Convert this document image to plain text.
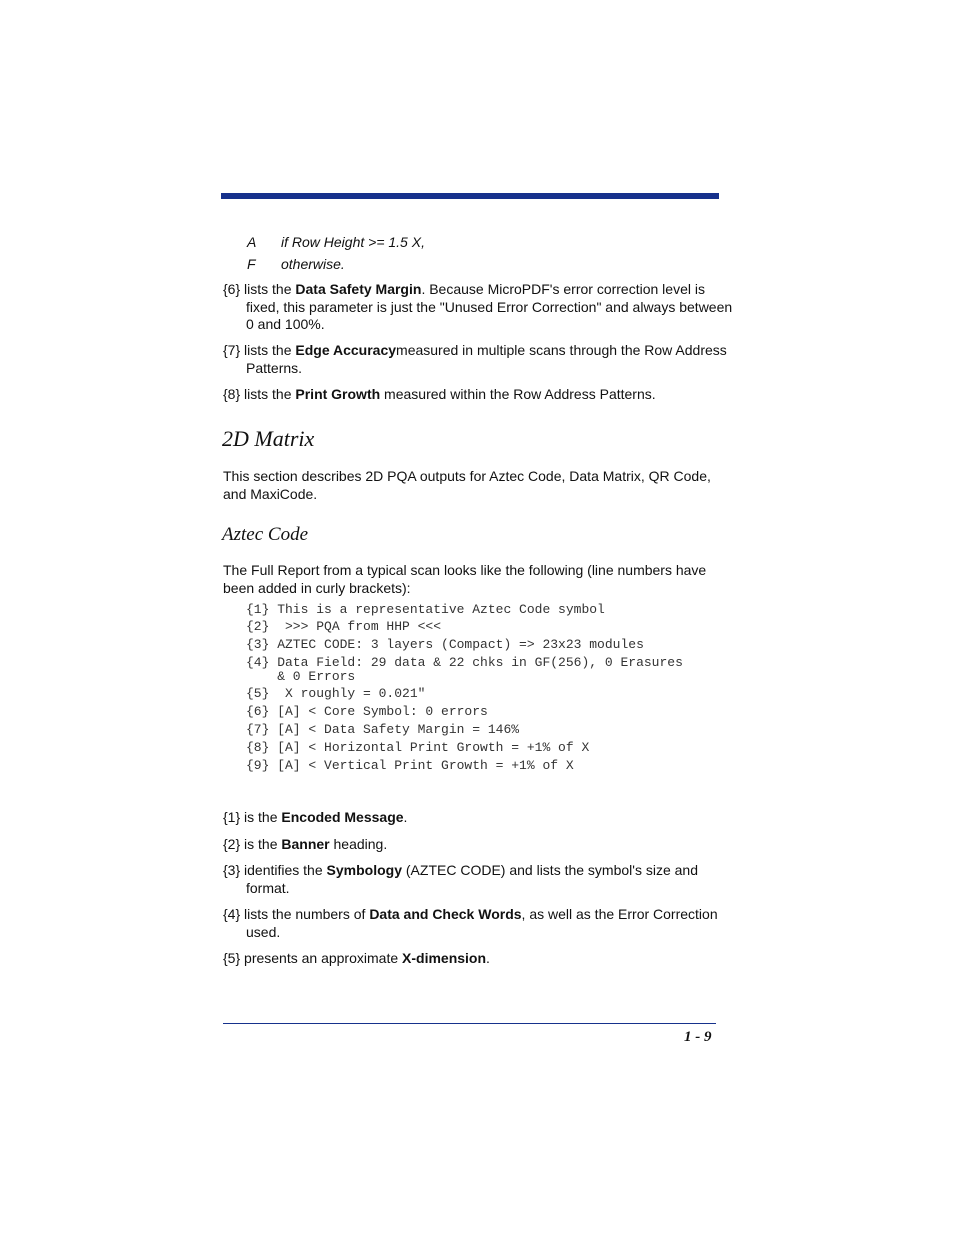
A if Row Height >= 1.5 X,
F otherwise.
{6} lists the Data Safety Margin. Because MicroPDF's error correction level is fixed, this parameter is just the "Unused Error Correction" and always between 0 and 100%.
{7} lists the Edge Accuracymeasured in multiple scans through the Row Address Patterns.
{8} lists the Print Growth measured within the Row Address Patterns.
2D Matrix
This section describes 2D PQA outputs for Aztec Code, Data Matrix, QR Code, and MaxiCode.
Aztec Code
The Full Report from a typical scan looks like the following (line numbers have been added in curly brackets):
{1} This is a representative Aztec Code symbol
{2}  >>> PQA from HHP <<<
{3} AZTEC CODE: 3 layers (Compact) => 23x23 modules
{4} Data Field: 29 data & 22 chks in GF(256), 0 Erasures
& 0 Errors
{5}  X roughly = 0.021"
{6} [A] < Core Symbol: 0 errors
{7} [A] < Data Safety Margin = 146%
{8} [A] < Horizontal Print Growth = +1% of X
{9} [A] < Vertical Print Growth = +1% of X
{1} is the Encoded Message.
{2} is the Banner heading.
{3} identifies the Symbology (AZTEC CODE) and lists the symbol's size and format.
{4} lists the numbers of Data and Check Words, as well as the Error Correction used.
{5} presents an approximate X-dimension.
1 - 9
